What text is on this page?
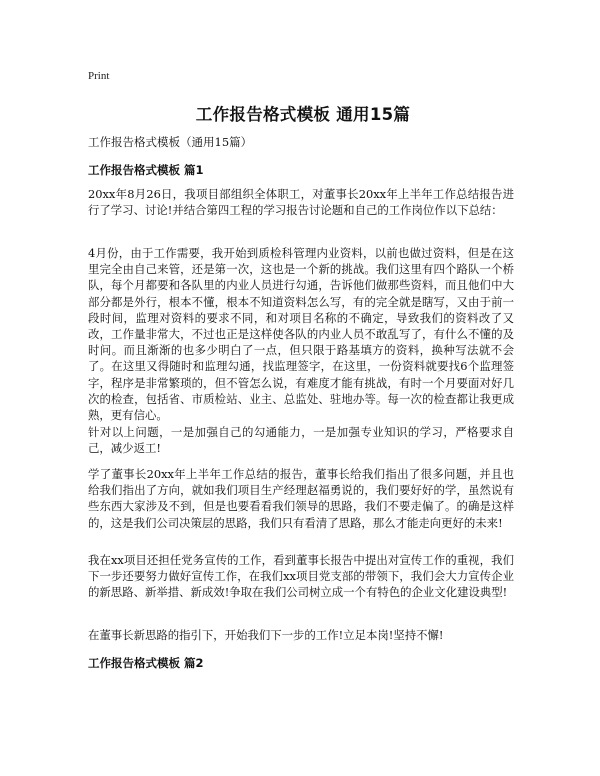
Print

工作报告格式模板 通用15篇

工作报告格式模板（通用15篇）

工作报告格式模板 篇1

20xx年8月26日，我项目部组织全体职工，对董事长20xx年上半年工作总结报告进行了学习、讨论!并结合第四工程的学习报告讨论题和自己的工作岗位作以下总结：

4月份，由于工作需要，我开始到质检科管理内业资料，以前也做过资料，但是在这里完全由自己来管，还是第一次，这也是一个新的挑战。我们这里有四个路队一个桥队，每个月都要和各队里的内业人员进行勾通，告诉他们做那些资料，而且他们中大部分都是外行，根本不懂，根本不知道资料怎么写，有的完全就是瞎写，又由于前一段时间，监理对资料的要求不同，和对项目名称的不确定，导致我们的资料改了又改，工作量非常大，不过也正是这样使各队的内业人员不敢乱写了，有什么不懂的及时问。而且渐渐的也多少明白了一点，但只限于路基填方的资料，换种写法就不会了。在这里又得随时和监理勾通，找监理签字，在这里，一份资料就要找6个监理签字，程序是非常繁琐的，但不管怎么说，有难度才能有挑战，有时一个月要面对好几次的检查，包括省、市质检站、业主、总监处、驻地办等。每一次的检查都让我更成熟，更有信心。

针对以上问题，一是加强自己的勾通能力，一是加强专业知识的学习，严格要求自己，减少返工!

学了董事长20xx年上半年工作总结的报告，董事长给我们指出了很多问题，并且也给我们指出了方向，就如我们项目生产经理赵福勇说的，我们要好好的学，虽然说有些东西大家涉及不到，但是也要看看我们领导的思路，我们不要走偏了。的确是这样的，这是我们公司决策层的思路，我们只有看清了思路，那么才能走向更好的未来!

我在xx项目还担任党务宣传的工作，看到董事长报告中提出对宣传工作的重视，我们下一步还要努力做好宣传工作，在我们xx项目党支部的带领下，我们会大力宣传企业的新思路、新举措、新成效!争取在我们公司树立成一个有特色的企业文化建设典型!

在董事长新思路的指引下，开始我们下一步的工作!立足本岗!坚持不懈!

工作报告格式模板 篇2
